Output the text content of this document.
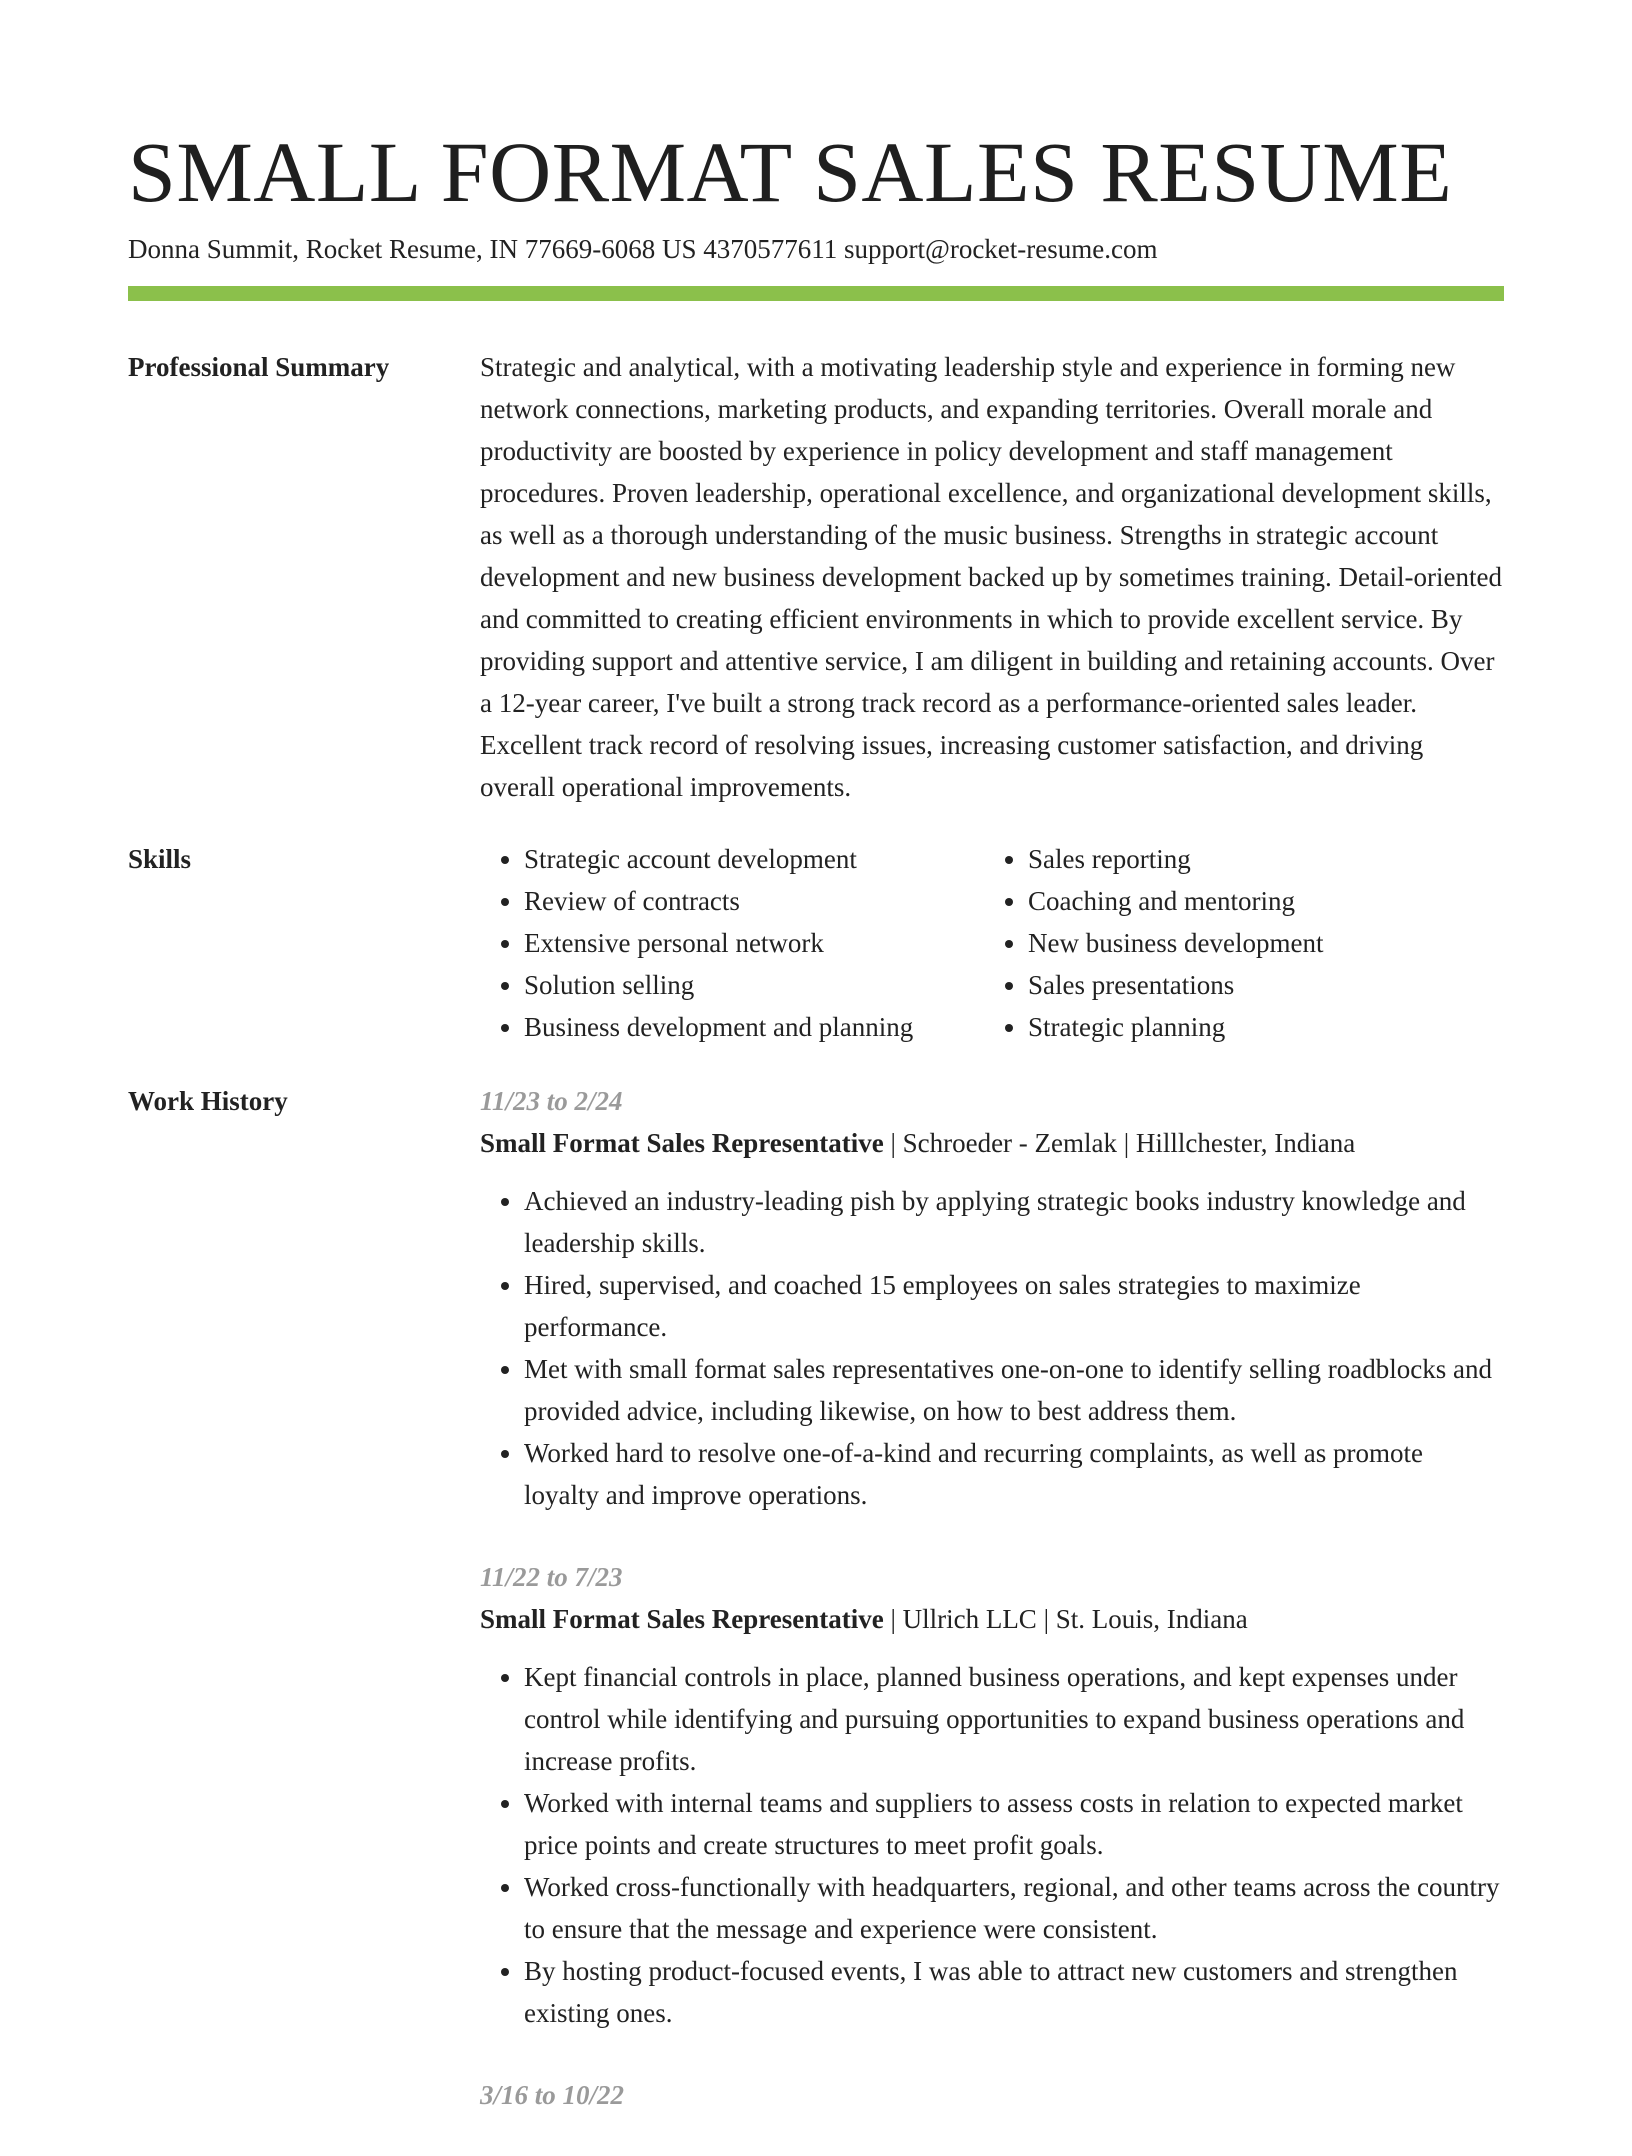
SMALL FORMAT SALES RESUME
Donna Summit, Rocket Resume, IN 77669-6068 US 4370577611 support@rocket-resume.com
Professional Summary	Strategic and analytical, with a motivating leadership style and experience in forming new network connections, marketing products, and expanding territories. Overall morale and productivity are boosted by experience in policy development and staff management procedures. Proven leadership, operational excellence, and organizational development skills, as well as a thorough understanding of the music business. Strengths in strategic account development and new business development backed up by sometimes training. Detail-oriented and committed to creating efficient environments in which to provide excellent service. By providing support and attentive service, I am diligent in building and retaining accounts. Over a 12-year career, I've built a strong track record as a performance-oriented sales leader. Excellent track record of resolving issues, increasing customer satisfaction, and driving overall operational improvements.

Skills
•	Strategic account development
• Review of contracts
• Extensive personal network
• Solution selling
• Business development and planning
• Sales reporting
• Coaching and mentoring
• New business development
• Sales presentations
• Strategic planning
Work History	11/23 to 2/24
Small Format Sales Representative | Schroeder - Zemlak | Hilllchester, Indiana
• Achieved an industry-leading pish by applying strategic books industry knowledge and leadership skills.
• Hired, supervised, and coached 15 employees on sales strategies to maximize performance.
• Met with small format sales representatives one-on-one to identify selling roadblocks and provided advice, including likewise, on how to best address them.
• Worked hard to resolve one-of-a-kind and recurring complaints, as well as promote loyalty and improve operations.
11/22 to 7/23
Small Format Sales Representative | Ullrich LLC | St. Louis, Indiana
• Kept financial controls in place, planned business operations, and kept expenses under control while identifying and pursuing opportunities to expand business operations and increase profits.
• Worked with internal teams and suppliers to assess costs in relation to expected market price points and create structures to meet profit goals.
• Worked cross-functionally with headquarters, regional, and other teams across the country to ensure that the message and experience were consistent.
• By hosting product-focused events, I was able to attract new customers and strengthen existing ones.
3/16 to 10/22
